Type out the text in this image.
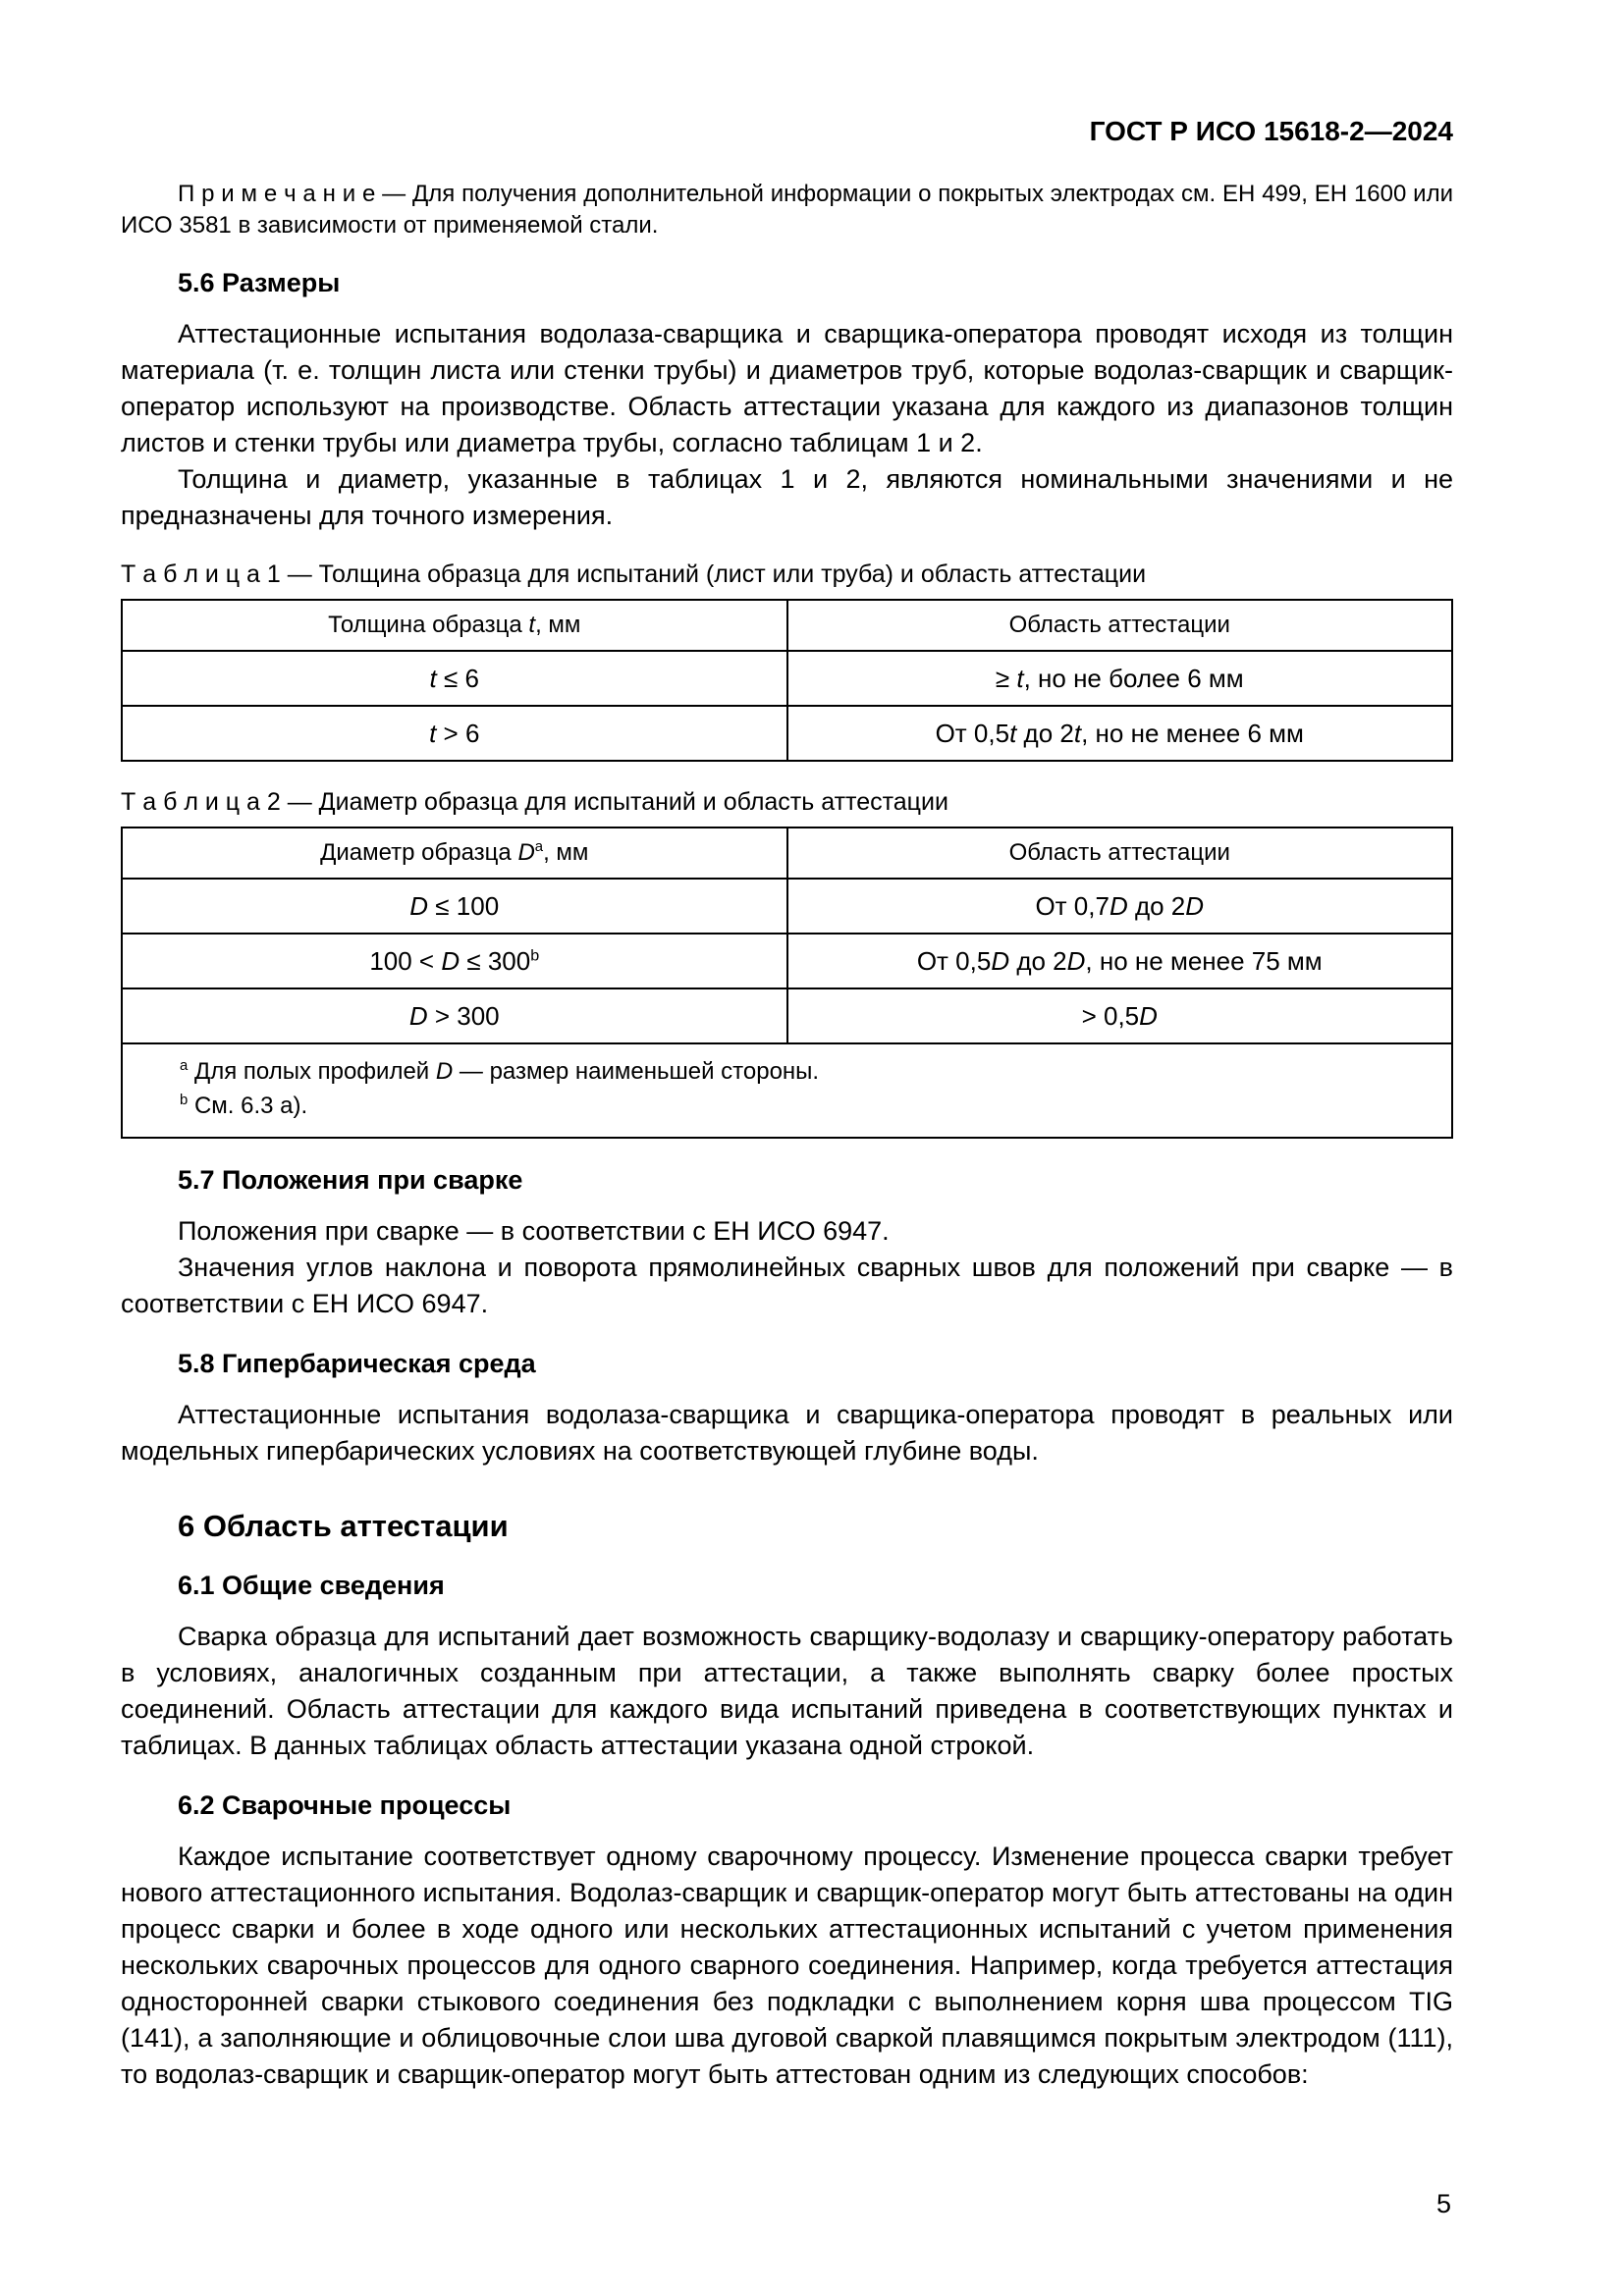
ГОСТ Р ИСО 15618-2—2024

П р и м е ч а н и е — Для получения дополнительной информации о покрытых электродах см. ЕН 499, ЕН 1600 или ИСО 3581 в зависимости от применяемой стали.

5.6 Размеры

Аттестационные испытания водолаза-сварщика и сварщика-оператора проводят исходя из толщин материала (т. е. толщин листа или стенки трубы) и диаметров труб, которые водолаз-сварщик и сварщик-оператор используют на производстве. Область аттестации указана для каждого из диапазонов толщин листов и стенки трубы или диаметра трубы, согласно таблицам 1 и 2.

Толщина и диаметр, указанные в таблицах 1 и 2, являются номинальными значениями и не предназначены для точного измерения.

Т а б л и ц а 1 — Толщина образца для испытаний (лист или труба) и область аттестации
Толщина образца t, мм	Область аттестации
t ≤ 6	≥ t, но не более 6 мм
t > 6	От 0,5t до 2t, но не менее 6 мм
Т а б л и ц а 2 — Диаметр образца для испытаний и область аттестации
Диаметр образца $D^а$, мм	Область аттестации
D ≤ 100	От 0,7D до 2D
$100 < D \le 300^b$	От 0,5D до 2D, но не менее 75 мм
D > 300	> 0,5D

$^а$ Для полых профилей D — размер наименьшей стороны.
$^b$ См. 6.3 а).	
5.7 Положения при сварке

Положения при сварке — в соответствии с ЕН ИСО 6947.

Значения углов наклона и поворота прямолинейных сварных швов для положений при сварке — в соответствии с ЕН ИСО 6947.

5.8 Гипербарическая среда

Аттестационные испытания водолаза-сварщика и сварщика-оператора проводят в реальных или модельных гипербарических условиях на соответствующей глубине воды.

6 Область аттестации
6.1 Общие сведения

Сварка образца для испытаний дает возможность сварщику-водолазу и сварщику-оператору работать в условиях, аналогичных созданным при аттестации, а также выполнять сварку более простых соединений. Область аттестации для каждого вида испытаний приведена в соответствующих пунктах и таблицах. В данных таблицах область аттестации указана одной строкой.

6.2 Сварочные процессы

Каждое испытание соответствует одному сварочному процессу. Изменение процесса сварки требует нового аттестационного испытания. Водолаз-сварщик и сварщик-оператор могут быть аттестованы на один процесс сварки и более в ходе одного или нескольких аттестационных испытаний с учетом применения нескольких сварочных процессов для одного сварного соединения. Например, когда требуется аттестация односторонней сварки стыкового соединения без подкладки с выполнением корня шва процессом TIG (141), а заполняющие и облицовочные слои шва дуговой сваркой плавящимся покрытым электродом (111), то водолаз-сварщик и сварщик-оператор могут быть аттестован одним из следующих способов:

5
